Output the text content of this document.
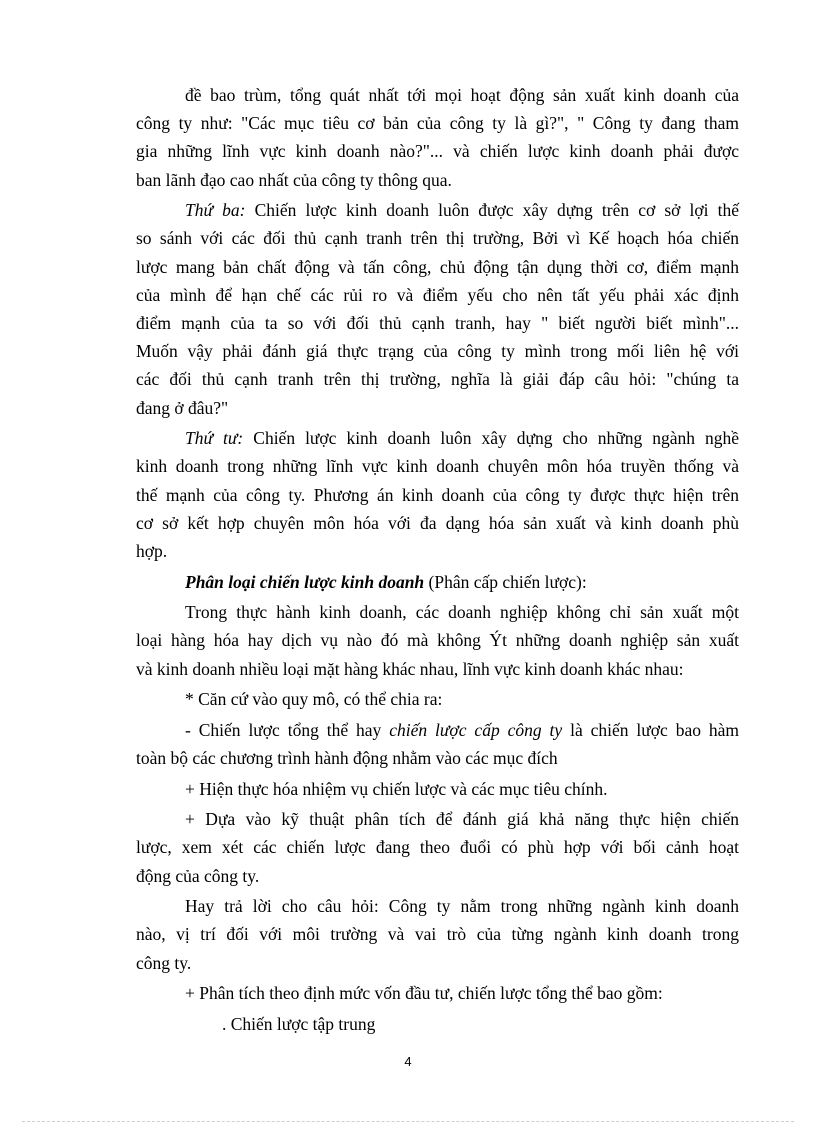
đề bao trùm, tổng quát nhất tới mọi hoạt động sản xuất kinh doanh của
công ty như: "Các mục tiêu cơ bản của công ty là gì?", " Công ty đang tham
gia những lĩnh vực kinh doanh nào?"... và chiến lược kinh doanh phải được
ban lãnh đạo cao nhất của công ty thông qua.
Thứ ba: Chiến lược kinh doanh luôn được xây dựng trên cơ sở lợi thế
so sánh với các đối thủ cạnh tranh trên thị trường, Bởi vì Kế hoạch hóa chiến
lược mang bản chất động và tấn công, chủ động tận dụng thời cơ, điểm mạnh
của mình để hạn chế các rủi ro và điểm yếu cho nên tất yếu phải xác định
điểm mạnh của ta so với đối thủ cạnh tranh, hay " biết người biết mình"...
Muốn vậy phải đánh giá thực trạng của công ty mình trong mối liên hệ với
các đối thủ cạnh tranh trên thị trường, nghĩa là giải đáp câu hỏi: "chúng ta
đang ở đâu?"
Thứ tư: Chiến lược kinh doanh luôn xây dựng cho những ngành nghề
kinh doanh trong những lĩnh vực kinh doanh chuyên môn hóa truyền thống và
thế mạnh của công ty. Phương án kinh doanh của công ty được thực hiện trên
cơ sở kết hợp chuyên môn hóa với đa dạng hóa sản xuất và kinh doanh phù
hợp.
Phân loại chiến lược kinh doanh (Phân cấp chiến lược):
Trong thực hành kinh doanh, các doanh nghiệp không chỉ sản xuất một
loại hàng hóa hay dịch vụ nào đó mà không Ýt những doanh nghiệp sản xuất
và kinh doanh nhiều loại mặt hàng khác nhau, lĩnh vực kinh doanh khác nhau:
* Căn cứ vào quy mô, có thể chia ra:
- Chiến lược tổng thể hay chiến lược cấp công ty là chiến lược bao hàm
toàn bộ các chương trình hành động nhằm vào các mục đích
+ Hiện thực hóa nhiệm vụ chiến lược và các mục tiêu chính.
+ Dựa vào kỹ thuật phân tích để đánh giá khả năng thực hiện chiến
lược, xem xét các chiến lược đang theo đuổi có phù hợp với bối cảnh hoạt
động của công ty.
Hay trả lời cho câu hỏi: Công ty nằm trong những ngành kinh doanh
nào, vị trí đối với môi trường và vai trò của từng ngành kinh doanh trong
công ty.
+ Phân tích theo định mức vốn đầu tư, chiến lược tổng thể bao gồm:
. Chiến lược tập trung
4
